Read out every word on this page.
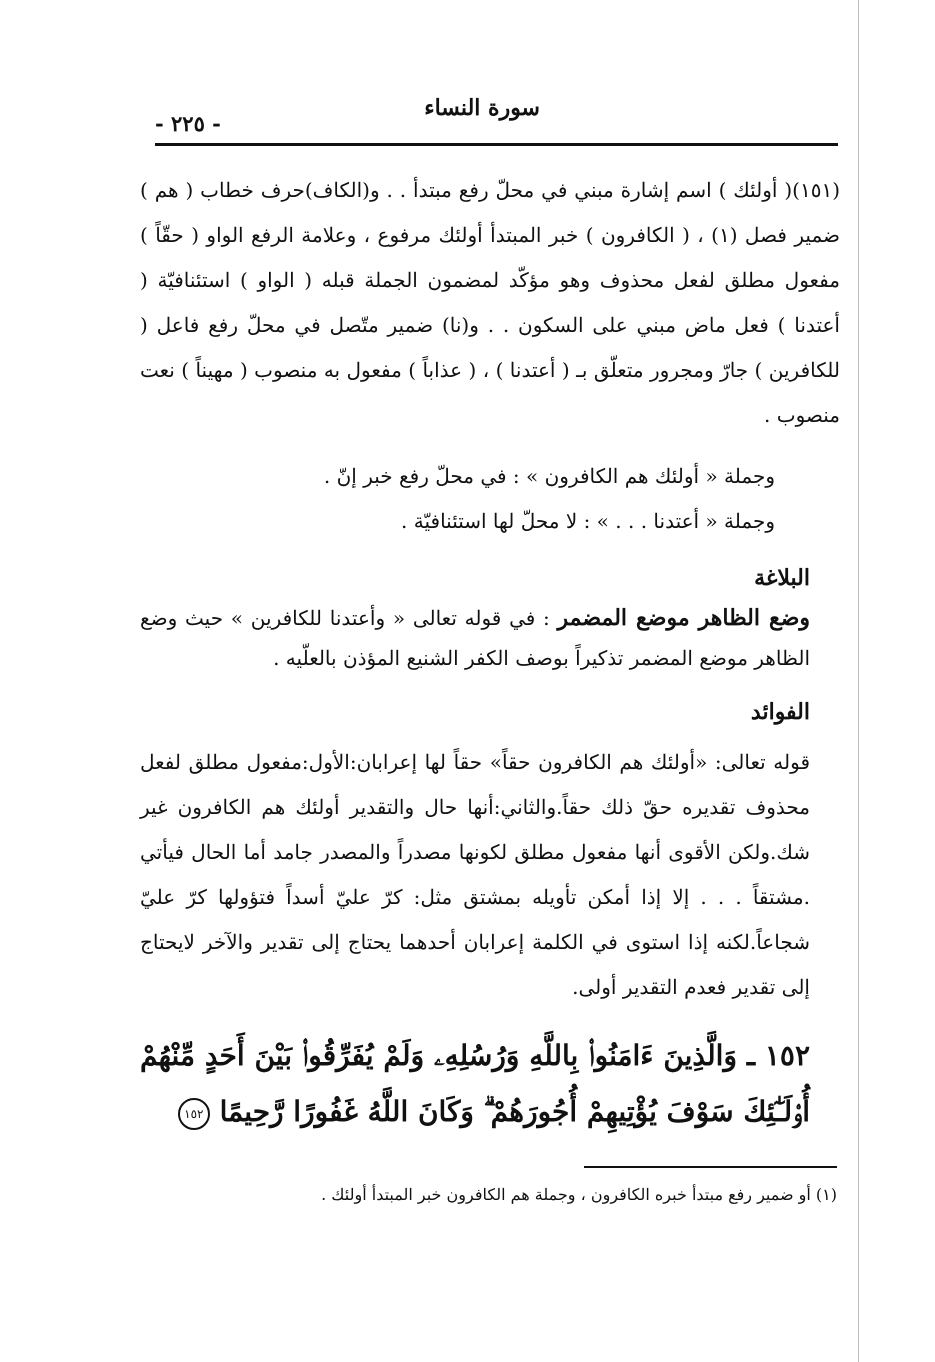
سورة النساء
- ٢٢٥ -

(١٥١)( أولئك ) اسم إشارة مبني في محلّ رفع مبتدأ . . و(الكاف)حرف خطاب ( هم ) ضمير فصل (١) ، ( الكافرون ) خبر المبتدأ أولئك مرفوع ، وعلامة الرفع الواو ( حقّاً ) مفعول مطلق لفعل محذوف وهو مؤكّد لمضمون الجملة قبله ( الواو ) استئنافيّة ( أعتدنا ) فعل ماض مبني على السكون . . و(نا) ضمير متّصل في محلّ رفع فاعل ( للكافرين ) جارّ ومجرور متعلّق بـ ( أعتدنا ) ، ( عذاباً ) مفعول به منصوب ( مهيناً ) نعت منصوب .

وجملة « أولئك هم الكافرون » : في محلّ رفع خبر إنّ .

وجملة « أعتدنا . . . » : لا محلّ لها استئنافيّة .

البلاغة

وضع الظاهر موضع المضمر : في قوله تعالى « وأعتدنا للكافرين » حيث وضع الظاهر موضع المضمر تذكيراً بوصف الكفر الشنيع المؤذن بالعلّيه .

الفوائد

قوله تعالى: «أولئك هم الكافرون حقاً» حقاً لها إعرابان:الأول:مفعول مطلق لفعل محذوف تقديره حقّ ذلك حقاً.والثاني:أنها حال والتقدير أولئك هم الكافرون غير شك.ولكن الأقوى أنها مفعول مطلق لكونها مصدراً والمصدر جامد أما الحال فيأتي .مشتقاً . . . إلا إذا أمكن تأويله بمشتق مثل: كرّ عليّ أسداً فتؤولها كرّ عليّ شجاعاً.لكنه إذا استوى في الكلمة إعرابان أحدهما يحتاج إلى تقدير والآخر لايحتاج إلى تقدير فعدم التقدير أولى.

١٥٢ ـ وَالَّذِينَ ءَامَنُوا۟ بِاللَّهِ وَرُسُلِهِۦ وَلَمْ يُفَرِّقُوا۟ بَيْنَ أَحَدٍ مِّنْهُمْ أُو۟لَـٰٓئِكَ سَوْفَ يُؤْتِيهِمْ أُجُورَهُمْ ۗ وَكَانَ اللَّهُ غَفُورًا رَّحِيمًا ١٥٢
(١) أو ضمير رفع مبتدأ خبره الكافرون ، وجملة هم الكافرون خبر المبتدأ أولئك .
